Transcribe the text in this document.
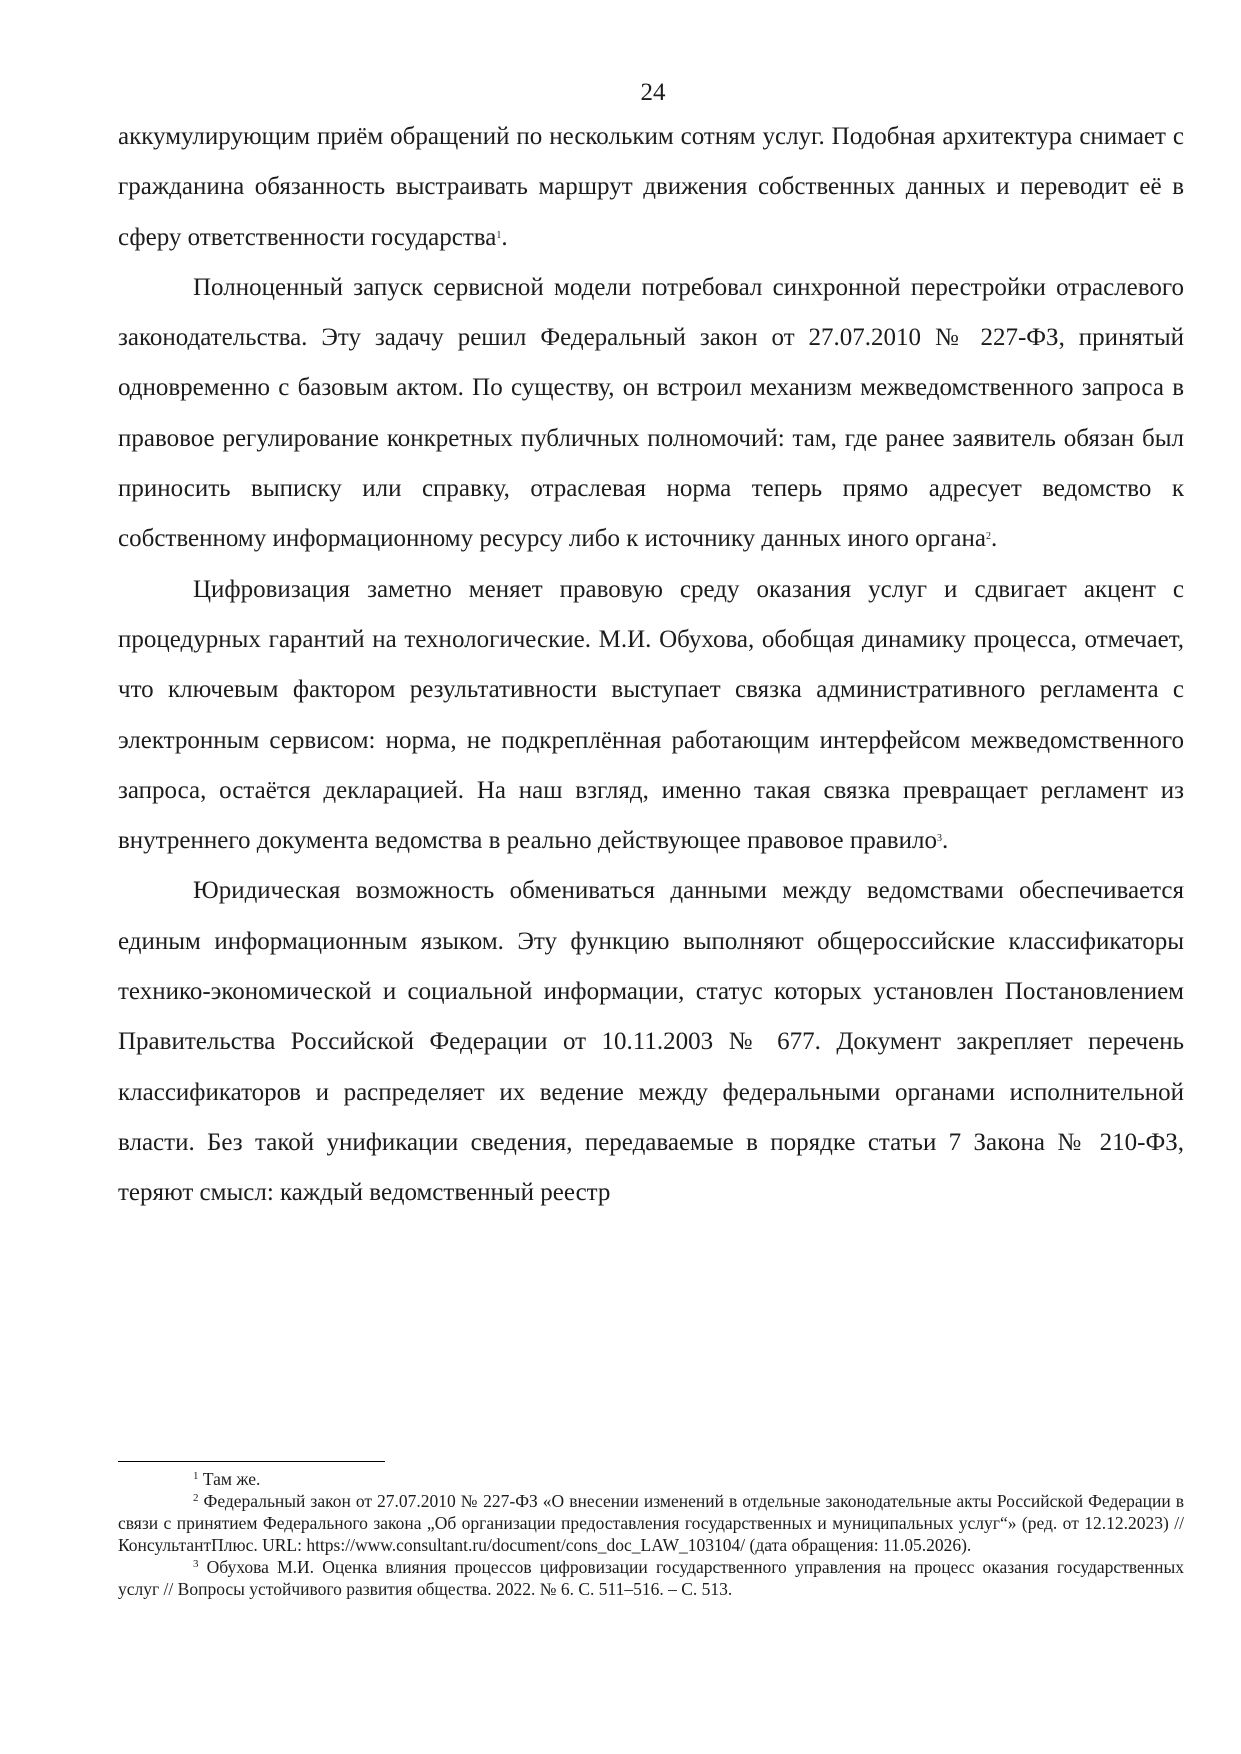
24

аккумулирующим приём обращений по нескольким сотням услуг. Подобная архитектура снимает с гражданина обязанность выстраивать маршрут движения собственных данных и переводит её в сферу ответственности государства$^1$.

Полноценный запуск сервисной модели потребовал синхронной перестройки отраслевого законодательства. Эту задачу решил Федеральный закон от 27.07.2010 № 227-ФЗ, принятый одновременно с базовым актом. По существу, он встроил механизм межведомственного запроса в правовое регулирование конкретных публичных полномочий: там, где ранее заявитель обязан был приносить выписку или справку, отраслевая норма теперь прямо адресует ведомство к собственному информационному ресурсу либо к источнику данных иного органа$^2$.

Цифровизация заметно меняет правовую среду оказания услуг и сдвигает акцент с процедурных гарантий на технологические. М.И. Обухова, обобщая динамику процесса, отмечает, что ключевым фактором результативности выступает связка административного регламента с электронным сервисом: норма, не подкреплённая работающим интерфейсом межведомственного запроса, остаётся декларацией. На наш взгляд, именно такая связка превращает регламент из внутреннего документа ведомства в реально действующее правовое правило$^3$.

Юридическая возможность обмениваться данными между ведомствами обеспечивается единым информационным языком. Эту функцию выполняют общероссийские классификаторы технико-экономической и социальной информации, статус которых установлен Постановлением Правительства Российской Федерации от 10.11.2003 № 677. Документ закрепляет перечень классификаторов и распределяет их ведение между федеральными органами исполнительной власти. Без такой унификации сведения, передаваемые в порядке статьи 7 Закона № 210-ФЗ, теряют смысл: каждый ведомственный реестр

$^1$ Там же.

$^2$ Федеральный закон от 27.07.2010 № 227-ФЗ «О внесении изменений в отдельные законодательные акты Российской Федерации в связи с принятием Федерального закона „Об организации предоставления государственных и муниципальных услуг“» (ред. от 12.12.2023) // КонсультантПлюс. URL: https://www.consultant.ru/document/cons_doc_LAW_103104/ (дата обращения: 11.05.2026).

$^3$ Обухова М.И. Оценка влияния процессов цифровизации государственного управления на процесс оказания государственных услуг // Вопросы устойчивого развития общества. 2022. № 6. С. 511–516. – С. 513.
